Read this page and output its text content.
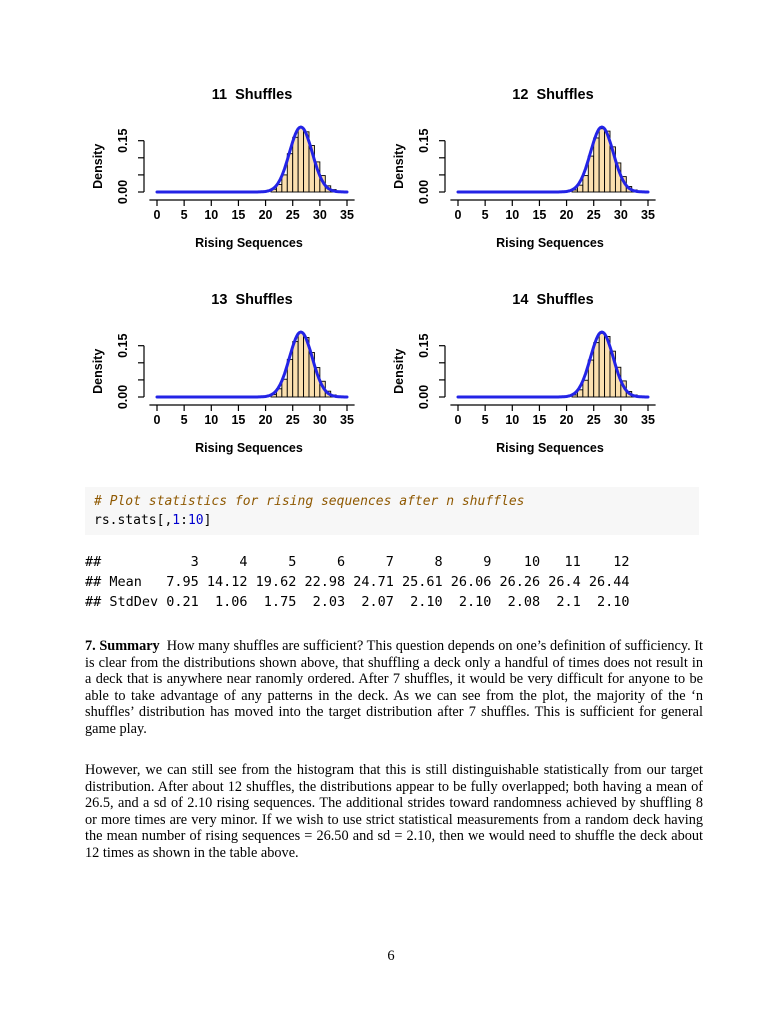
11  Shuffles
0 5 10 15 20 25 30 35
0.00
0.15
Rising Sequences
Density
12  Shuffles
0 5 10 15 20 25 30 35
0.00
0.15
Rising Sequences
Density
13  Shuffles
0 5 10 15 20 25 30 35
0.00
0.15
Rising Sequences
Density
14  Shuffles
0 5 10 15 20 25 30 35
0.00
0.15
Rising Sequences
Density
# Plot statistics for rising sequences after n shuffles
rs.stats[,1:10]
##           3     4     5     6     7     8     9    10   11    12
## Mean   7.95 14.12 19.62 22.98 24.71 25.61 26.06 26.26 26.4 26.44
## StdDev 0.21  1.06  1.75  2.03  2.07  2.10  2.10  2.08  2.1  2.10

7. Summary How many shuffles are sufficient? This question depends on one’s definition of sufficiency. It is clear from the distributions shown above, that shuffling a deck only a handful of times does not result in a deck that is anywhere near ranomly ordered. After 7 shuffles, it would be very difficult for anyone to be able to take advantage of any patterns in the deck. As we can see from the plot, the majority of the ‘n shuffles’ distribution has moved into the target distribution after 7 shuffles. This is sufficient for general game play.

However, we can still see from the histogram that this is still distinguishable statistically from our target distribution. After about 12 shuffles, the distributions appear to be fully overlapped; both having a mean of 26.5, and a sd of 2.10 rising sequences. The additional strides toward randomness achieved by shuffling 8 or more times are very minor. If we wish to use strict statistical measurements from a random deck having the mean number of rising sequences = 26.50 and sd = 2.10, then we would need to shuffle the deck about 12 times as shown in the table above.

6
